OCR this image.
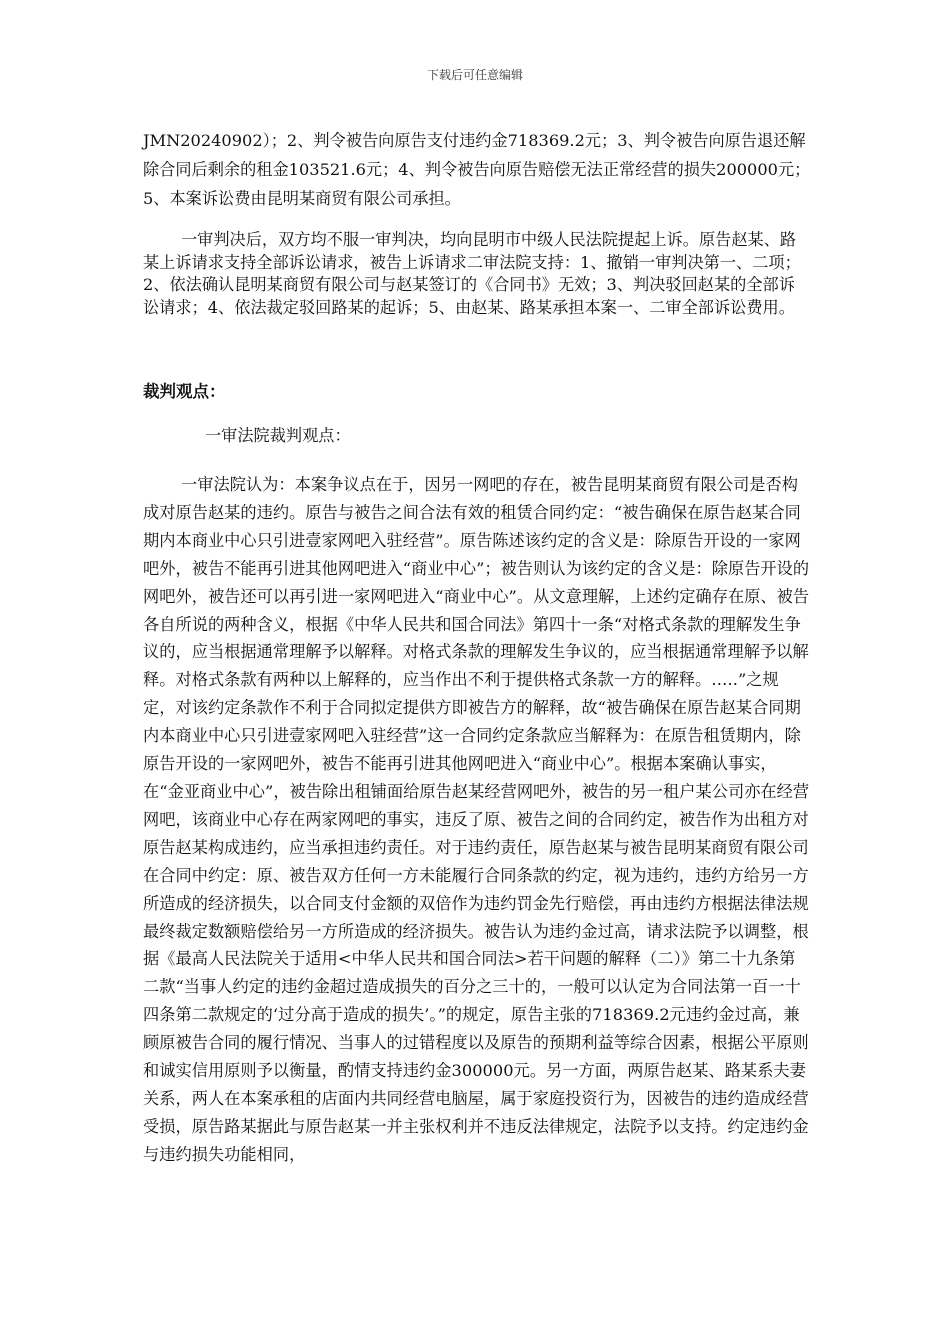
下载后可任意编辑

JMN20240902）；2、判令被告向原告支付违约金718369.2元；3、判令被告向原告退还解除合同后剩余的租金103521.6元；4、判令被告向原告赔偿无法正常经营的损失200000元；5、本案诉讼费由昆明某商贸有限公司承担。

一审判决后，双方均不服一审判决，均向昆明市中级人民法院提起上诉。原告赵某、路某上诉请求支持全部诉讼请求，被告上诉请求二审法院支持：1、撤销一审判决第一、二项；2、依法确认昆明某商贸有限公司与赵某签订的《合同书》无效；3、判决驳回赵某的全部诉讼请求；4、依法裁定驳回路某的起诉；5、由赵某、路某承担本案一、二审全部诉讼费用。

裁判观点：

一审法院裁判观点：

一审法院认为：本案争议点在于，因另一网吧的存在，被告昆明某商贸有限公司是否构成对原告赵某的违约。原告与被告之间合法有效的租赁合同约定：“被告确保在原告赵某合同期内本商业中心只引进壹家网吧入驻经营”。原告陈述该约定的含义是：除原告开设的一家网吧外，被告不能再引进其他网吧进入“商业中心”；被告则认为该约定的含义是：除原告开设的网吧外，被告还可以再引进一家网吧进入“商业中心”。从文意理解，上述约定确存在原、被告各自所说的两种含义，根据《中华人民共和国合同法》第四十一条“对格式条款的理解发生争议的，应当根据通常理解予以解释。对格式条款的理解发生争议的，应当根据通常理解予以解释。对格式条款有两种以上解释的，应当作出不利于提供格式条款一方的解释。…..”之规定，对该约定条款作不利于合同拟定提供方即被告方的解释，故“被告确保在原告赵某合同期内本商业中心只引进壹家网吧入驻经营”这一合同约定条款应当解释为：在原告租赁期内，除原告开设的一家网吧外，被告不能再引进其他网吧进入“商业中心”。根据本案确认事实，在“金亚商业中心”，被告除出租铺面给原告赵某经营网吧外，被告的另一租户某公司亦在经营网吧，该商业中心存在两家网吧的事实，违反了原、被告之间的合同约定，被告作为出租方对原告赵某构成违约，应当承担违约责任。对于违约责任，原告赵某与被告昆明某商贸有限公司在合同中约定：原、被告双方任何一方未能履行合同条款的约定，视为违约，违约方给另一方所造成的经济损失，以合同支付金额的双倍作为违约罚金先行赔偿，再由违约方根据法律法规最终裁定数额赔偿给另一方所造成的经济损失。被告认为违约金过高，请求法院予以调整，根据《最高人民法院关于适用<中华人民共和国合同法>若干问题的解释（二）》第二十九条第二款“当事人约定的违约金超过造成损失的百分之三十的，一般可以认定为合同法第一百一十四条第二款规定的‘过分高于造成的损失’。”的规定，原告主张的718369.2元违约金过高，兼顾原被告合同的履行情况、当事人的过错程度以及原告的预期利益等综合因素，根据公平原则和诚实信用原则予以衡量，酌情支持违约金300000元。另一方面，两原告赵某、路某系夫妻关系，两人在本案承租的店面内共同经营电脑屋，属于家庭投资行为，因被告的违约造成经营受损，原告路某据此与原告赵某一并主张权利并不违反法律规定，法院予以支持。约定违约金与违约损失功能相同，
